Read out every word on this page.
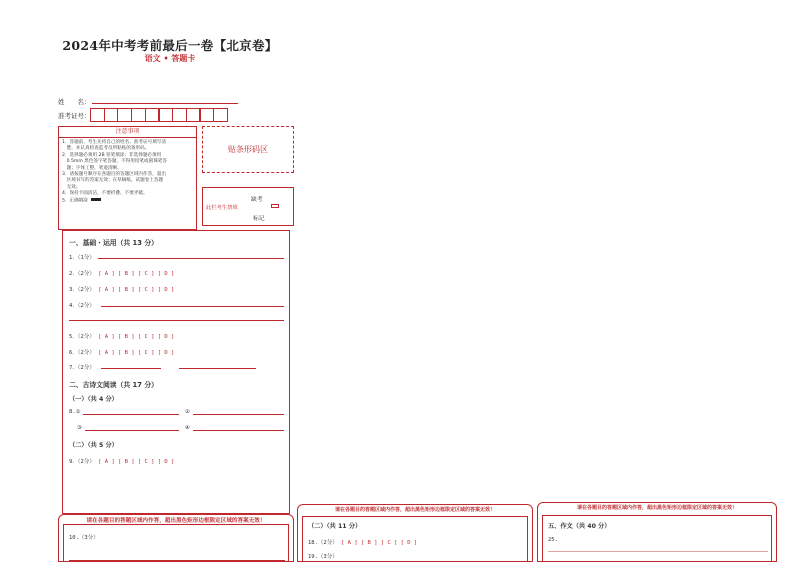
2024年中考考前最后一卷【北京卷】
语文 • 答题卡
姓　　名：
准考证号：
注意事项
1．答题前，考生先将自己的姓名、准考证号填写清
　楚，并认真检查监考员所粘贴的条形码。
2．选择题必须用 2B 铅笔填涂；非选择题必须用
　0.5mm 黑色签字笔答题，不得用铅笔或圆珠笔答
　题；字体工整、笔迹清晰。
3．请按题号顺序在各题目的答题区域内作答，超出
　区域书写的答案无效；在草稿纸、试题卷上答题
　无效。
4．保持卡面清洁，不要折叠、不要弄破。
5．正确填涂
贴条形码区
缺考
此栏考生禁填
标记
一、基础・运用（共 13 分）
1．（1分）
2．（2分） [ A ] [ B ] [ C ] [ D ]
3．（2分） [ A ] [ B ] [ C ] [ D ]
4．（2分）
5．（2分） [ A ] [ B ] [ C ] [ D ]
6．（2分） [ A ] [ B ] [ C ] [ D ]
7．（2分）
二、古诗文阅读（共 17 分）
（一）（共 4 分）
8.①	②
③	④
（二）（共 5 分）
9．（2分） [ A ] [ B ] [ C ] [ D ]
请在各题目的答题区域内作答，超出黑色矩形边框限定区域的答案无效！
10.（3分）
请在各题目的答题区域内作答，超出黑色矩形边框限定区域的答案无效！
（二）（共 11 分）
18.（2分） [ A ] [ B ] [ C ] [ D ]
19.（3分）
请在各题目的答题区域内作答，超出黑色矩形边框限定区域的答案无效！
五、作文（共 40 分）
25.
